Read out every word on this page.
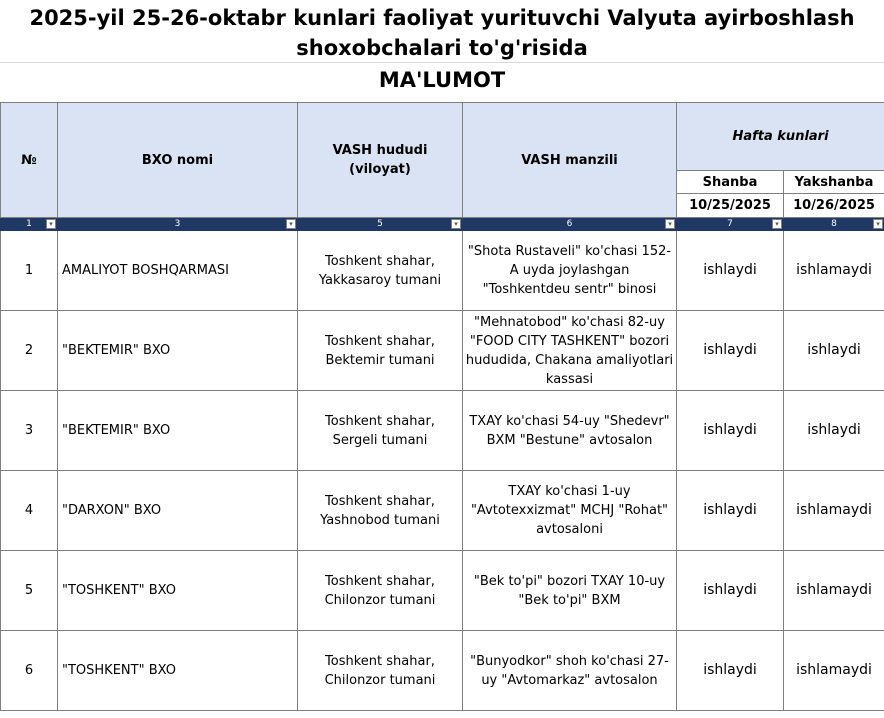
2025-yil 25-26-oktabr kunlari faoliyat yurituvchi Valyuta ayirboshlash
shoxobchalari to'g'risida
MA'LUMOT
№	BXO nomi	VASH hududi (viloyat)	VASH manzili	Hafta kunlari	
				Shanba	Yakshanba
				10/25/2025	10/26/2025
1 ▾	3 ▾	5 ▾	6 ▾	7 ▾	8 ▾

1	AMALIYOT BOSHQARMASI	Toshkent shahar, Yakkasaroy tumani	"Shota Rustaveli" ko'chasi 152-A uyda joylashgan "Toshkentdeu sentr" binosi	ishlaydi	ishlamaydi
2	"BEKTEMIR" BXO	Toshkent shahar, Bektemir tumani	"Mehnatobod" ko'chasi 82-uy "FOOD CITY TASHKENT" bozori hududida, Chakana amaliyotlari kassasi	ishlaydi	ishlaydi
3	"BEKTEMIR" BXO	Toshkent shahar, Sergeli tumani	TXAY ko'chasi 54-uy "Shedevr" BXM "Bestune" avtosalon	ishlaydi	ishlaydi
4	"DARXON" BXO	Toshkent shahar, Yashnobod tumani	TXAY ko'chasi 1-uy "Avtotexxizmat" MCHJ "Rohat" avtosaloni	ishlaydi	ishlamaydi
5	"TOSHKENT" BXO	Toshkent shahar, Chilonzor tumani	"Bek to'pi" bozori TXAY 10-uy "Bek to'pi" BXM	ishlaydi	ishlamaydi
6	"TOSHKENT" BXO	Toshkent shahar, Chilonzor tumani	"Bunyodkor" shoh ko'chasi 27-uy "Avtomarkaz" avtosalon	ishlaydi	ishlamaydi
